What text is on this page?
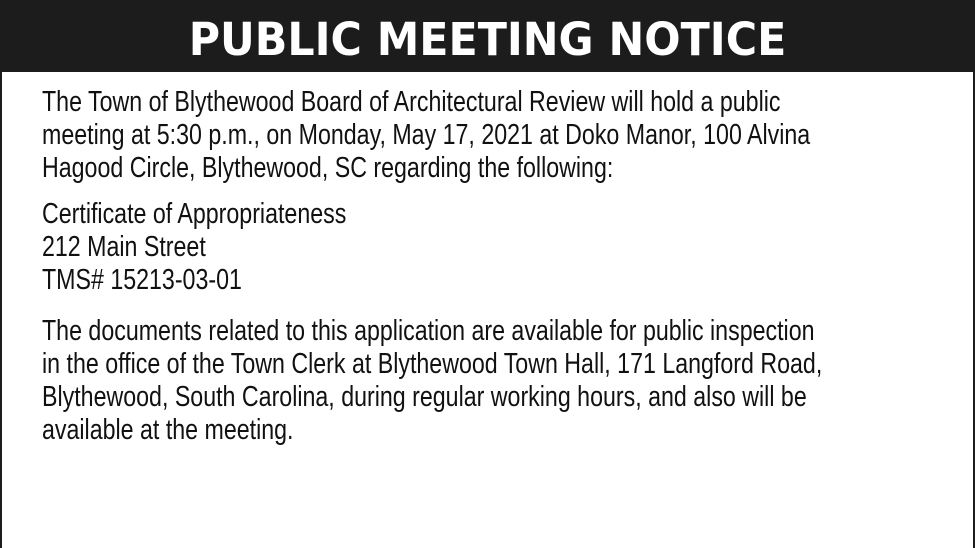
PUBLIC MEETING NOTICE
The Town of Blythewood Board of Architectural Review will hold a public
meeting at 5:30 p.m., on Monday, May 17, 2021 at Doko Manor, 100 Alvina
Hagood Circle, Blythewood, SC regarding the following:
Certificate of Appropriateness
212 Main Street
TMS# 15213-03-01
The documents related to this application are available for public inspection
in the office of the Town Clerk at Blythewood Town Hall, 171 Langford Road,
Blythewood, South Carolina, during regular working hours, and also will be
available at the meeting.
